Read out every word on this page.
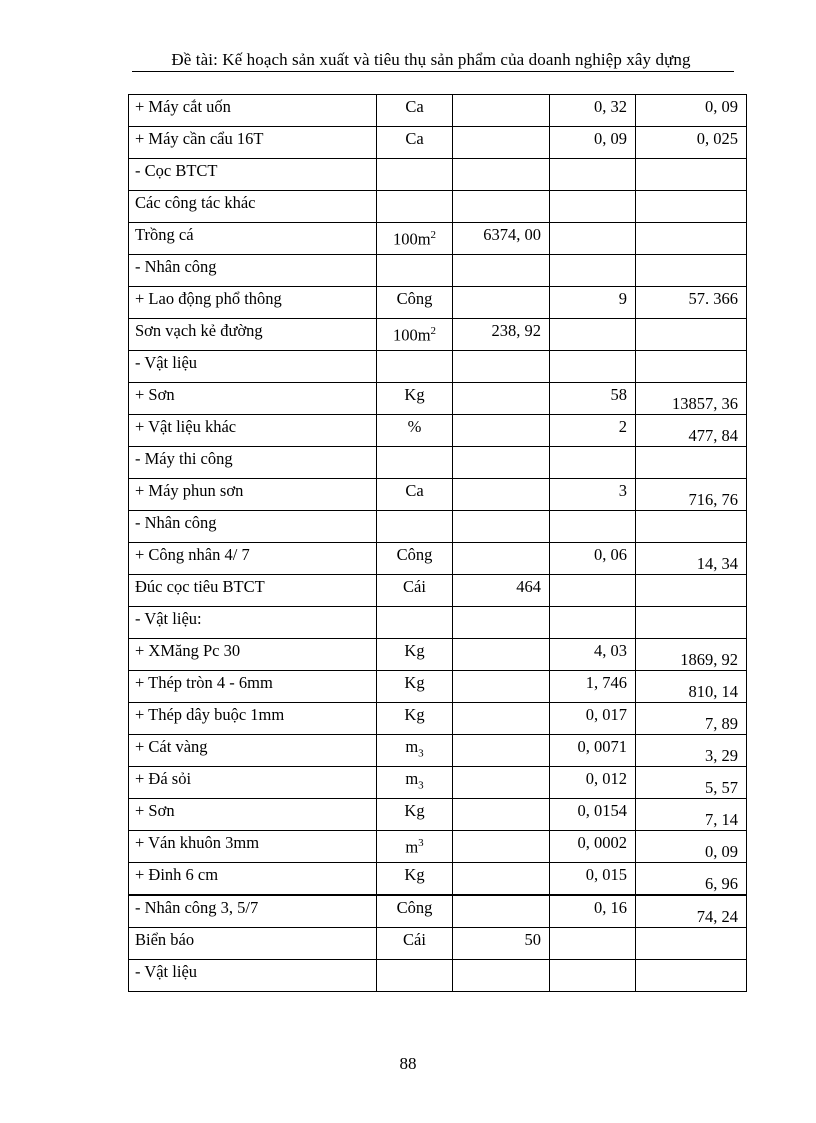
Đề tài: Kế hoạch sản xuất và tiêu thụ sản phẩm của doanh nghiệp xây dựng
+ Máy cắt uốn	Ca		0, 32	0, 09
+ Máy cần cẩu 16T	Ca		0, 09	0, 025
- Cọc BTCT				
Các công tác khác				
Trồng cá	$100m^2$	6374, 00		
- Nhân công				
+ Lao động phổ thông	Công		9	57. 366
Sơn vạch kẻ đường	$100m^2$	238, 92		
- Vật liệu				
+ Sơn	Kg		58	13857, 36
+ Vật liệu khác	%		2	477, 84
- Máy thi công				
+ Máy phun sơn	Ca		3	716, 76
- Nhân công				
+ Công nhân 4/ 7	Công		0, 06	14, 34
Đúc cọc tiêu BTCT	Cái	464		
- Vật liệu:				
+ XMăng Pc 30	Kg		4, 03	1869, 92
+ Thép tròn 4 - 6mm	Kg		1, 746	810, 14
+ Thép dây buộc 1mm	Kg		0, 017	7, 89
+ Cát vàng	$m_3$		0, 0071	3, 29
+ Đá sỏi	$m_3$		0, 012	5, 57
+ Sơn	Kg		0, 0154	7, 14
+ Ván khuôn 3mm	$m^3$		0, 0002	0, 09
+ Đinh 6 cm	Kg		0, 015	6, 96
- Nhân công 3, 5/7	Công		0, 16	74, 24
Biển báo	Cái	50		
- Vật liệu				
88
